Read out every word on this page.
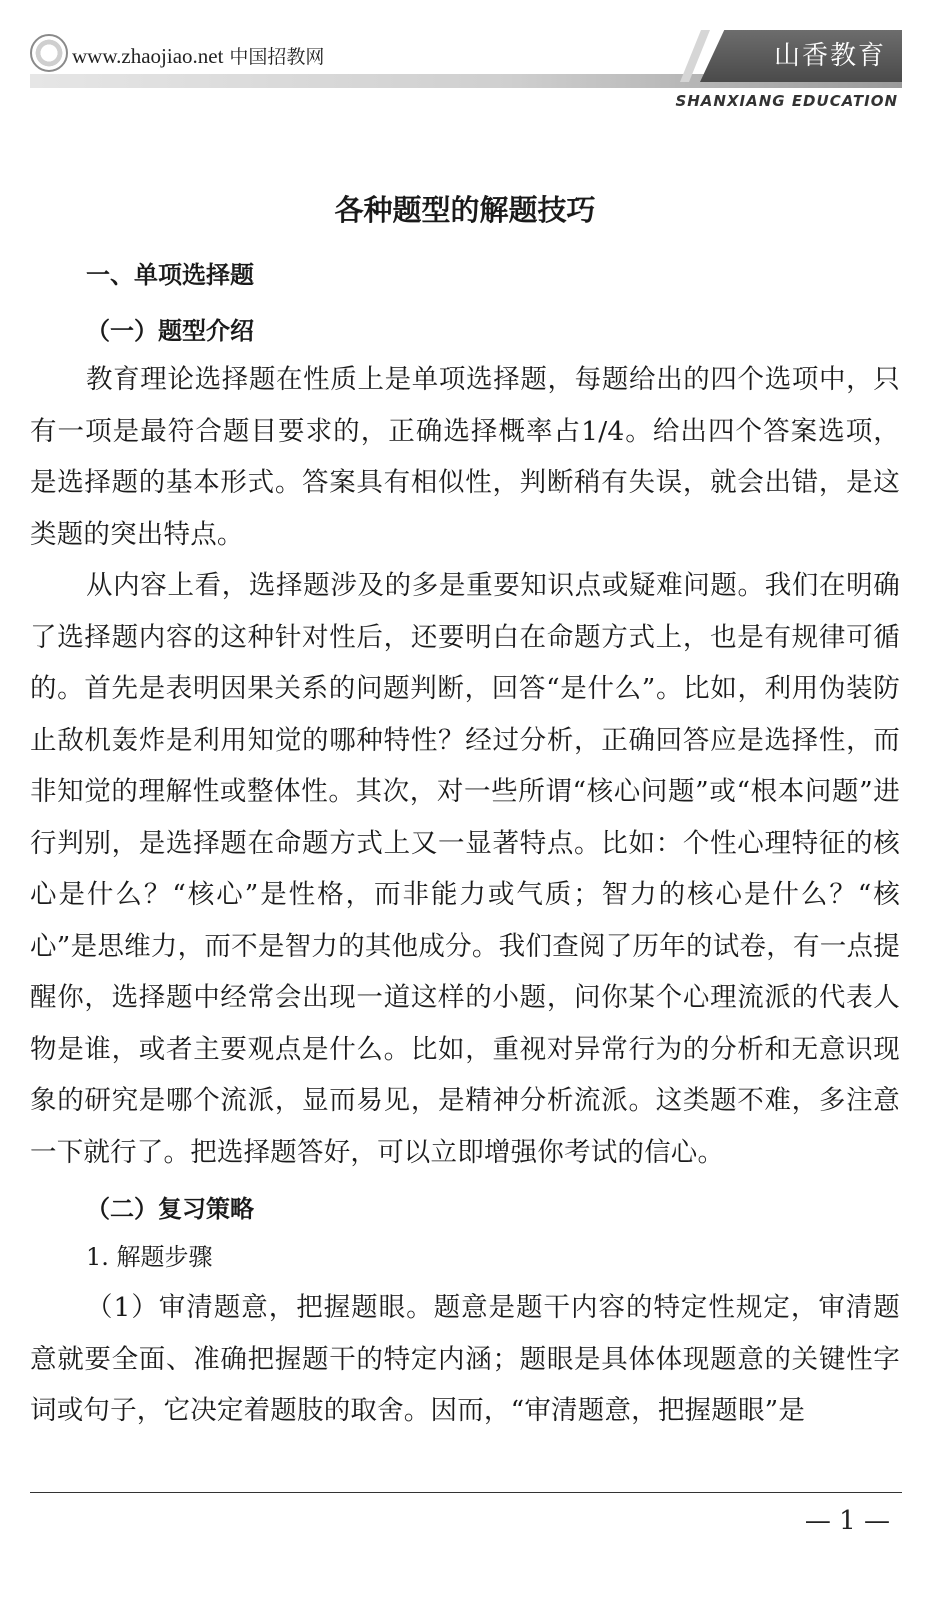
山香教育
SHANXIANG EDUCATION
www.zhaojiao.net 中国招教网
各种题型的解题技巧
一、单项选择题
（一）题型介绍

教育理论选择题在性质上是单项选择题，每题给出的四个选项中，只有一项是最符合题目要求的，正确选择概率占1/4。给出四个答案选项，是选择题的基本形式。答案具有相似性，判断稍有失误，就会出错，是这类题的突出特点。

从内容上看，选择题涉及的多是重要知识点或疑难问题。我们在明确了选择题内容的这种针对性后，还要明白在命题方式上，也是有规律可循的。首先是表明因果关系的问题判断，回答“是什么”。比如，利用伪装防止敌机轰炸是利用知觉的哪种特性？经过分析，正确回答应是选择性，而非知觉的理解性或整体性。其次，对一些所谓“核心问题”或“根本问题”进行判别，是选择题在命题方式上又一显著特点。比如：个性心理特征的核心是什么？“核心”是性格，而非能力或气质；智力的核心是什么？“核心”是思维力，而不是智力的其他成分。我们查阅了历年的试卷，有一点提醒你，选择题中经常会出现一道这样的小题，问你某个心理流派的代表人物是谁，或者主要观点是什么。比如，重视对异常行为的分析和无意识现象的研究是哪个流派，显而易见，是精神分析流派。这类题不难，多注意一下就行了。把选择题答好，可以立即增强你考试的信心。

（二）复习策略
1. 解题步骤

（1）审清题意，把握题眼。题意是题干内容的特定性规定，审清题意就要全面、准确把握题干的特定内涵；题眼是具体体现题意的关键性字词或句子，它决定着题肢的取舍。因而，“审清题意，把握题眼”是

— 1 —
